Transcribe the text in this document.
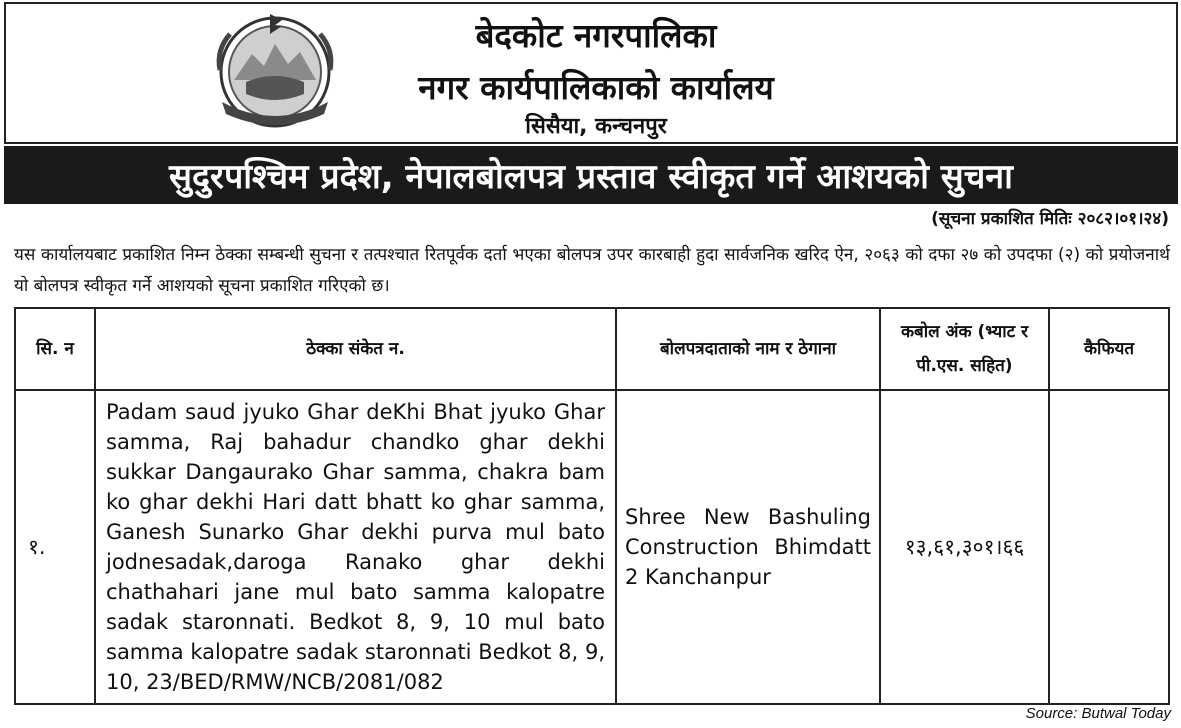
बेदकोट नगरपालिका
नगर कार्यपालिकाको कार्यालय
सिसैया, कन्चनपुर
सुदुरपश्चिम प्रदेश, नेपालबोलपत्र प्रस्ताव स्वीकृत गर्ने आशयको सुचना
(सूचना प्रकाशित मितिः २०८२।०१।२४)
यस कार्यालयबाट प्रकाशित निम्न ठेक्का सम्बन्धी सुचना र तत्पश्चात रितपूर्वक दर्ता भएका बोलपत्र उपर कारबाही हुदा सार्वजनिक खरिद ऐन, २०६३ को दफा २७ को उपदफा (२) को प्रयोजनार्थ यो बोलपत्र स्वीकृत गर्ने आशयको सूचना प्रकाशित गरिएको छ।
सि. न	ठेक्का संकेत न.	बोलपत्रदाताको नाम र ठेगाना	कबोल अंक (भ्याट र पी.एस. सहित)	कैफियत
१.	Padam saud jyuko Ghar deKhi Bhat jyuko Ghar samma, Raj bahadur chandko ghar dekhi sukkar Dangaurako Ghar samma, chakra bam ko ghar dekhi Hari datt bhatt ko ghar samma, Ganesh Sunarko Ghar dekhi purva mul bato jodnesadak,daroga Ranako ghar dekhi chathahari jane mul bato samma kalopatre sadak staronnati. Bedkot 8, 9, 10 mul bato samma kalopatre sadak staronnati Bedkot 8, 9, 10, 23/BED/RMW/NCB/2081/082	Shree New Bashuling Construction Bhimdatt 2 Kanchanpur	१३,६१,३०१।६६	
Source: Butwal Today
